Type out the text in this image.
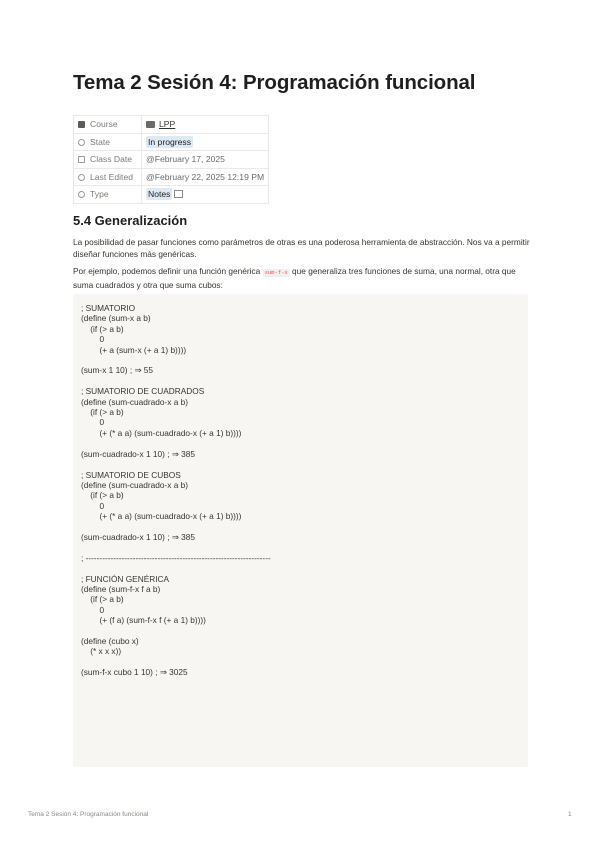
Tema 2 Sesión 4: Programación funcional
Course	LPP
State	In progress
Class Date	@February 17, 2025
Last Edited	@February 22, 2025 12:19 PM
Type	Notes
5.4 Generalización

La posibilidad de pasar funciones como parámetros de otras es una poderosa herramienta de abstracción. Nos va a permitir diseñar funciones más genéricas.

Por ejemplo, podemos definir una función genérica sum-f-x que generaliza tres funciones de suma, una normal, otra que suma cuadrados y otra que suma cubos:

; SUMATORIO
(define (sum-x a b)
(if (> a b)
0
(+ a (sum-x (+ a 1) b))))

(sum-x 1 10) ; ⇒ 55

; SUMATORIO DE CUADRADOS
(define (sum-cuadrado-x a b)
(if (> a b)
0
(+ (* a a) (sum-cuadrado-x (+ a 1) b))))

(sum-cuadrado-x 1 10) ; ⇒ 385

; SUMATORIO DE CUBOS
(define (sum-cuadrado-x a b)
(if (> a b)
0
(+ (* a a) (sum-cuadrado-x (+ a 1) b))))

(sum-cuadrado-x 1 10) ; ⇒ 385

; -------------------------------------------------------------------

; FUNCIÓN GENÉRICA
(define (sum-f-x f a b)
(if (> a b)
0
(+ (f a) (sum-f-x f (+ a 1) b))))

(define (cubo x)
(* x x x))

(sum-f-x cubo 1 10) ; ⇒ 3025
Tema 2 Sesión 4: Programación funcional	1
